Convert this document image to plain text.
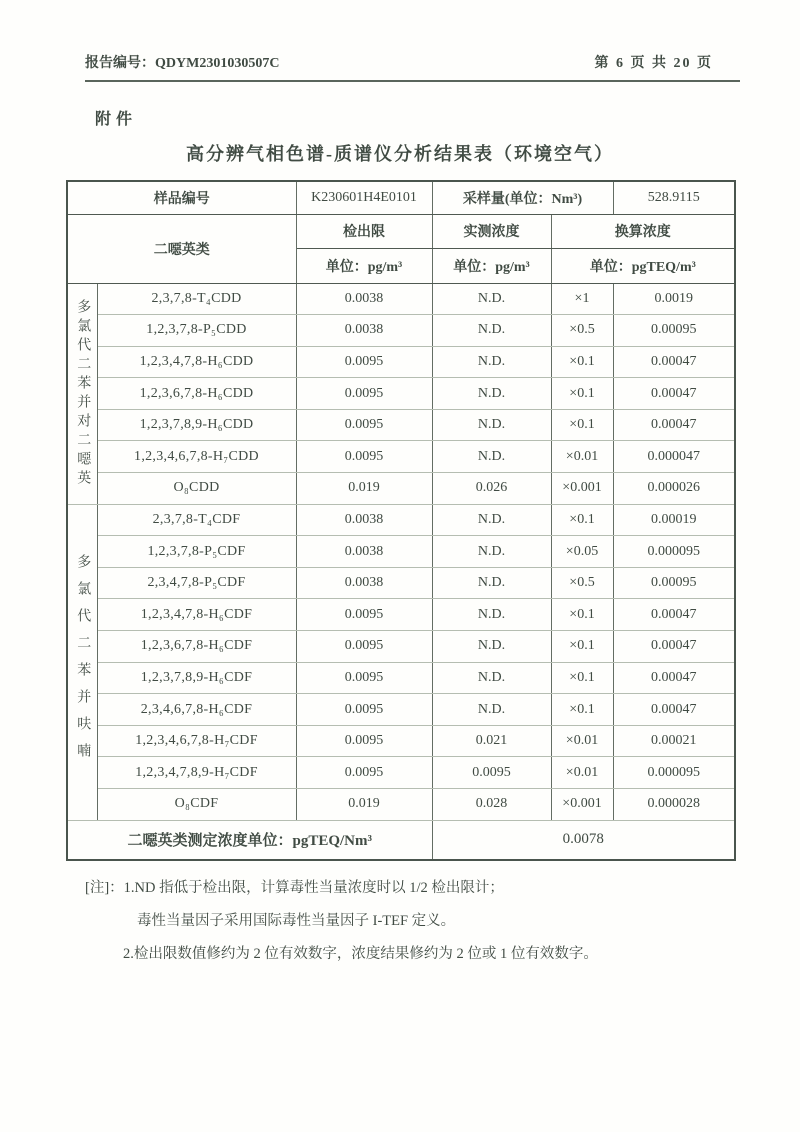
报告编号：QDYM2301030507C	第 6 页 共 20 页
附件
高分辨气相色谱-质谱仪分析结果表（环境空气）
样品编号		K230601H4E0101	采样量(单位：Nm³)		528.9115
二噁英类		检出限	实测浓度	换算浓度	
		单位：pg/m³	单位：pg/m³	单位：pgTEQ/m³	
多氯代二苯并对二噁英	2,3,7,8-T₄CDD	0.0038	N.D.	×1	0.0019
	1,2,3,7,8-P₅CDD	0.0038	N.D.	×0.5	0.00095
	1,2,3,4,7,8-H₆CDD	0.0095	N.D.	×0.1	0.00047
	1,2,3,6,7,8-H₆CDD	0.0095	N.D.	×0.1	0.00047
	1,2,3,7,8,9-H₆CDD	0.0095	N.D.	×0.1	0.00047
	1,2,3,4,6,7,8-H₇CDD	0.0095	N.D.	×0.01	0.000047
	O₈CDD	0.019	0.026	×0.001	0.000026
多氯代二苯并呋喃	2,3,7,8-T₄CDF	0.0038	N.D.	×0.1	0.00019
	1,2,3,7,8-P₅CDF	0.0038	N.D.	×0.05	0.000095
	2,3,4,7,8-P₅CDF	0.0038	N.D.	×0.5	0.00095
	1,2,3,4,7,8-H₆CDF	0.0095	N.D.	×0.1	0.00047
	1,2,3,6,7,8-H₆CDF	0.0095	N.D.	×0.1	0.00047
	1,2,3,7,8,9-H₆CDF	0.0095	N.D.	×0.1	0.00047
	2,3,4,6,7,8-H₆CDF	0.0095	N.D.	×0.1	0.00047
	1,2,3,4,6,7,8-H₇CDF	0.0095	0.021	×0.01	0.00021
	1,2,3,4,7,8,9-H₇CDF	0.0095	0.0095	×0.01	0.000095
	O₈CDF	0.019	0.028	×0.001	0.000028
二噁英类测定浓度单位：pgTEQ/Nm³			0.0078		
[注]：1.ND 指低于检出限，计算毒性当量浓度时以 1/2 检出限计；
毒性当量因子采用国际毒性当量因子 I-TEF 定义。
2.检出限数值修约为 2 位有效数字，浓度结果修约为 2 位或 1 位有效数字。
